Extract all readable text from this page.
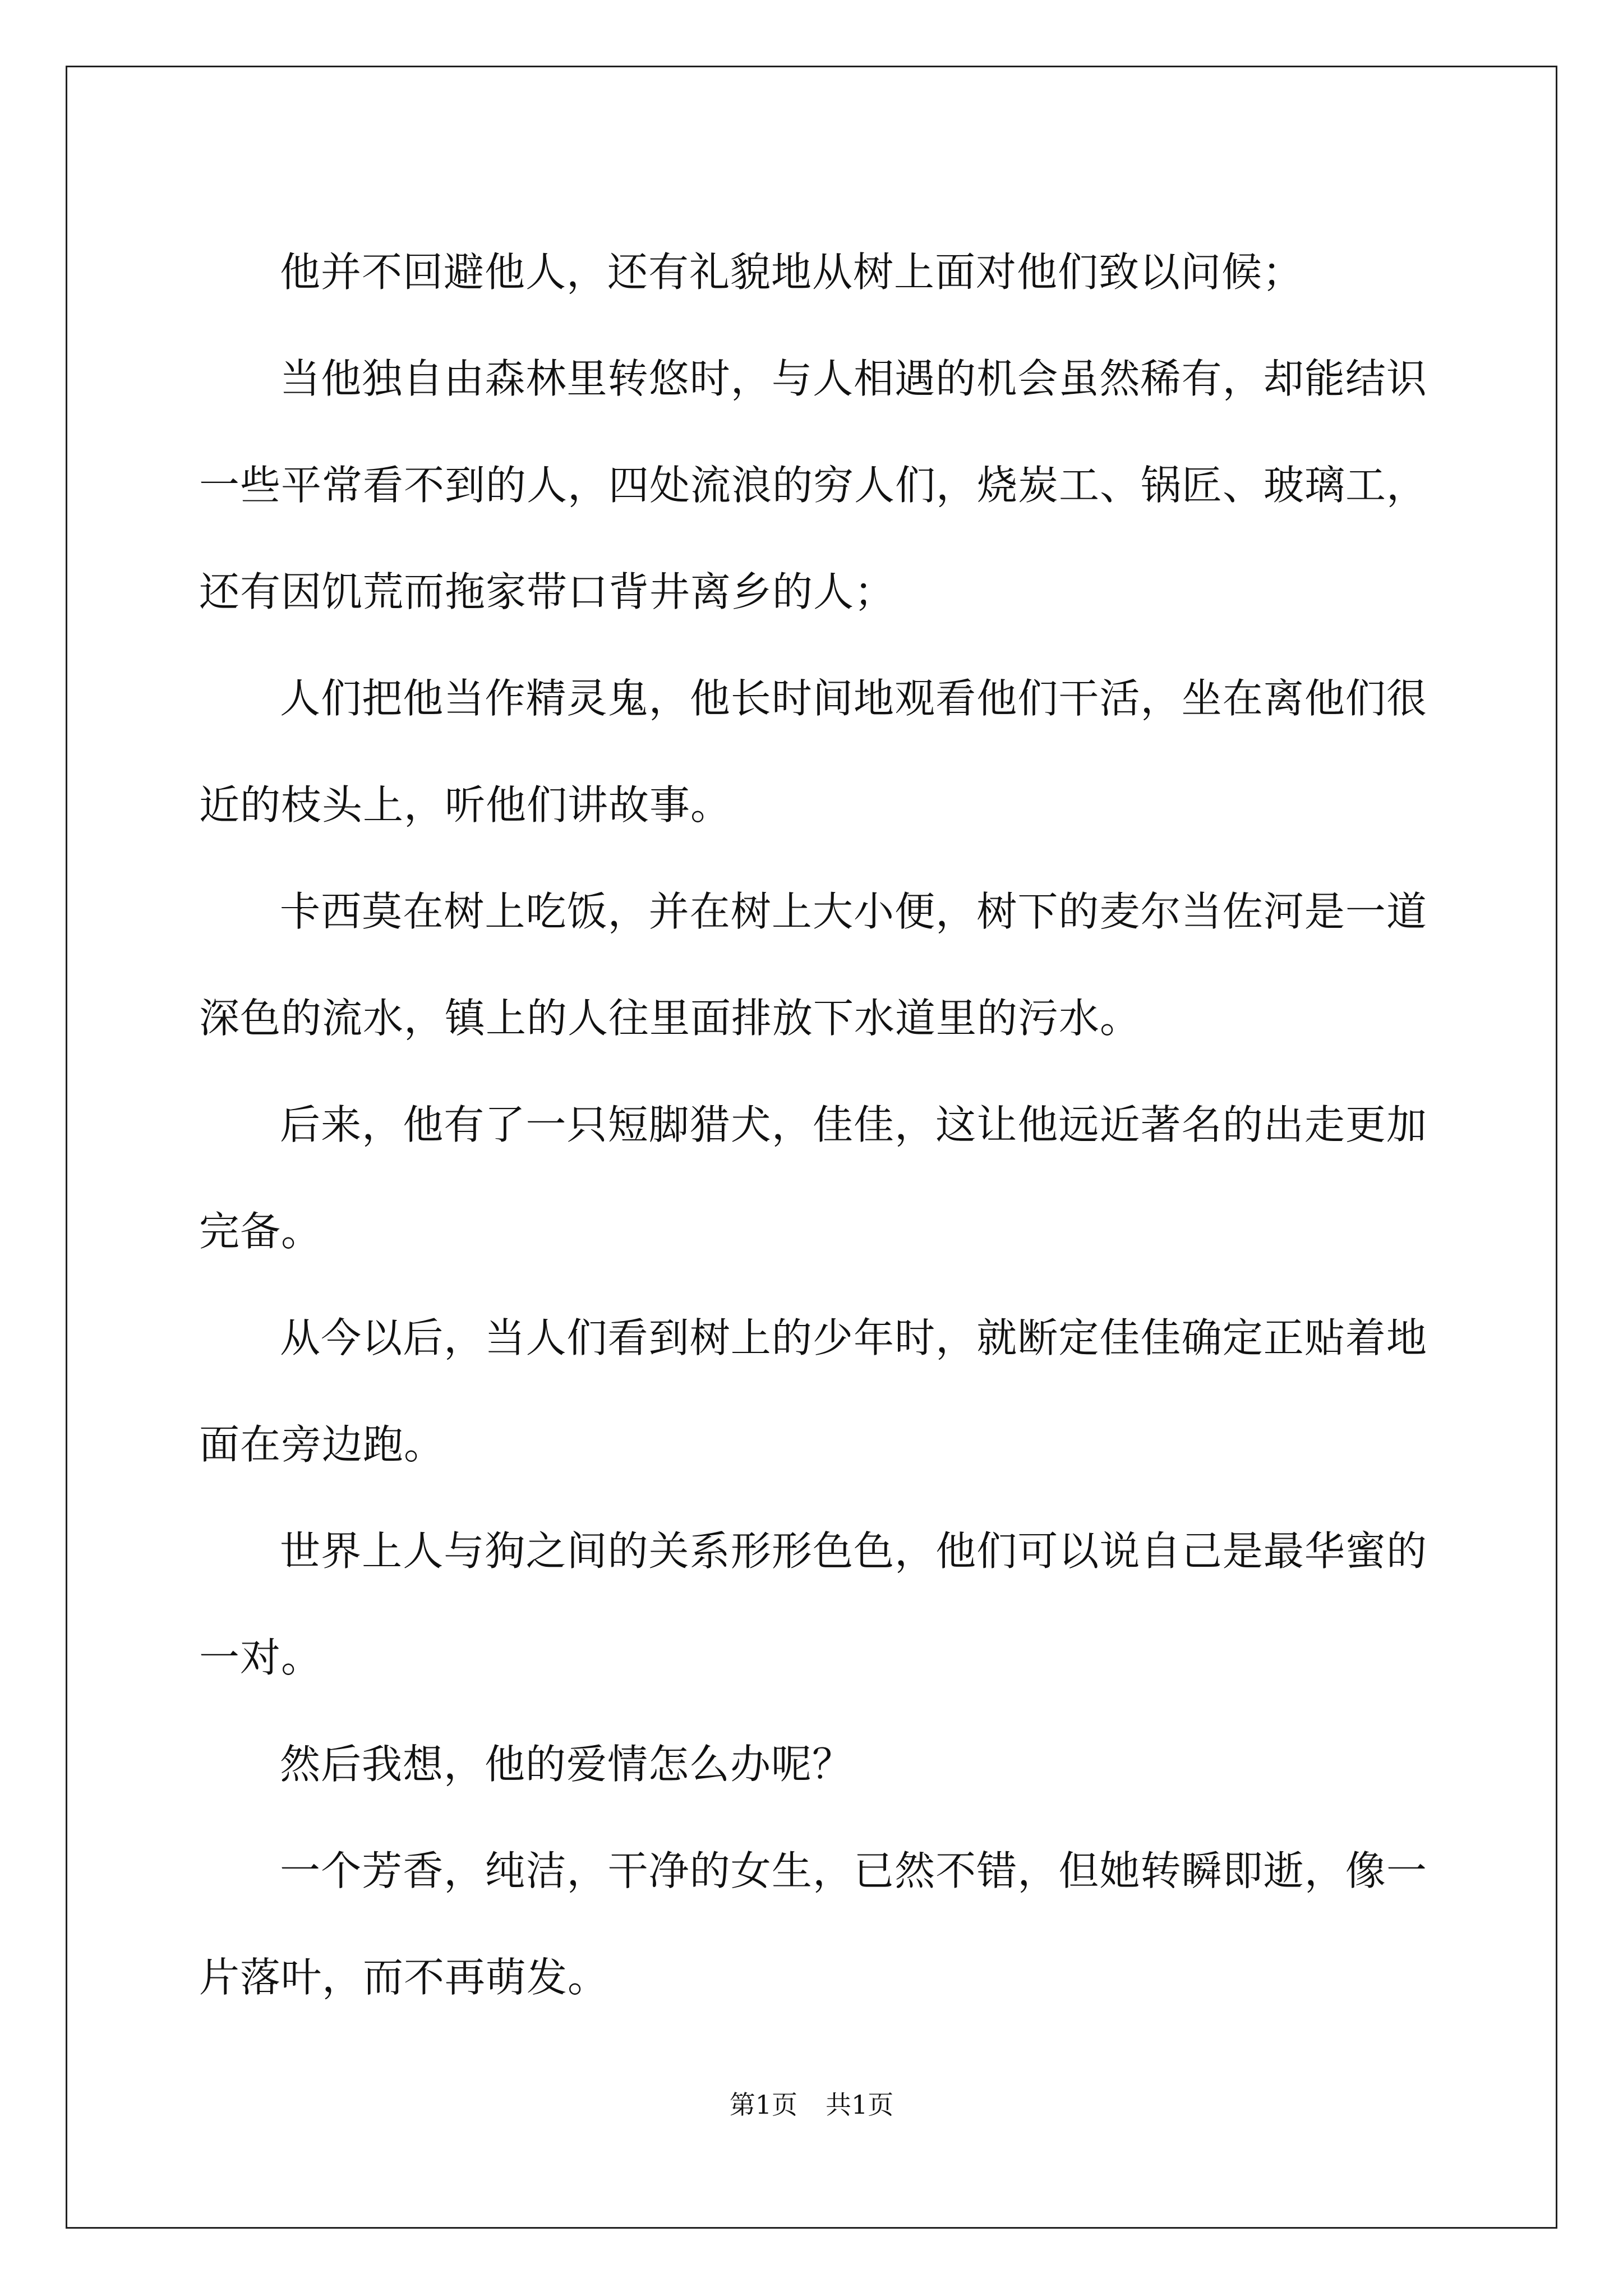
他并不回避他人，还有礼貌地从树上面对他们致以问候；

当他独自由森林里转悠时，与人相遇的机会虽然稀有，却能结识一些平常看不到的人，四处流浪的穷人们，烧炭工、锅匠、玻璃工，还有因饥荒而拖家带口背井离乡的人；

人们把他当作精灵鬼，他长时间地观看他们干活，坐在离他们很近的枝头上，听他们讲故事。

卡西莫在树上吃饭，并在树上大小便，树下的麦尔当佐河是一道深色的流水，镇上的人往里面排放下水道里的污水。

后来，他有了一只短脚猎犬，佳佳，这让他远近著名的出走更加完备。

从今以后，当人们看到树上的少年时，就断定佳佳确定正贴着地面在旁边跑。

世界上人与狗之间的关系形形色色，他们可以说自己是最华蜜的一对。

然后我想，他的爱情怎么办呢？

一个芳香，纯洁，干净的女生，已然不错，但她转瞬即逝，像一片落叶，而不再萌发。

第1页 共1页
